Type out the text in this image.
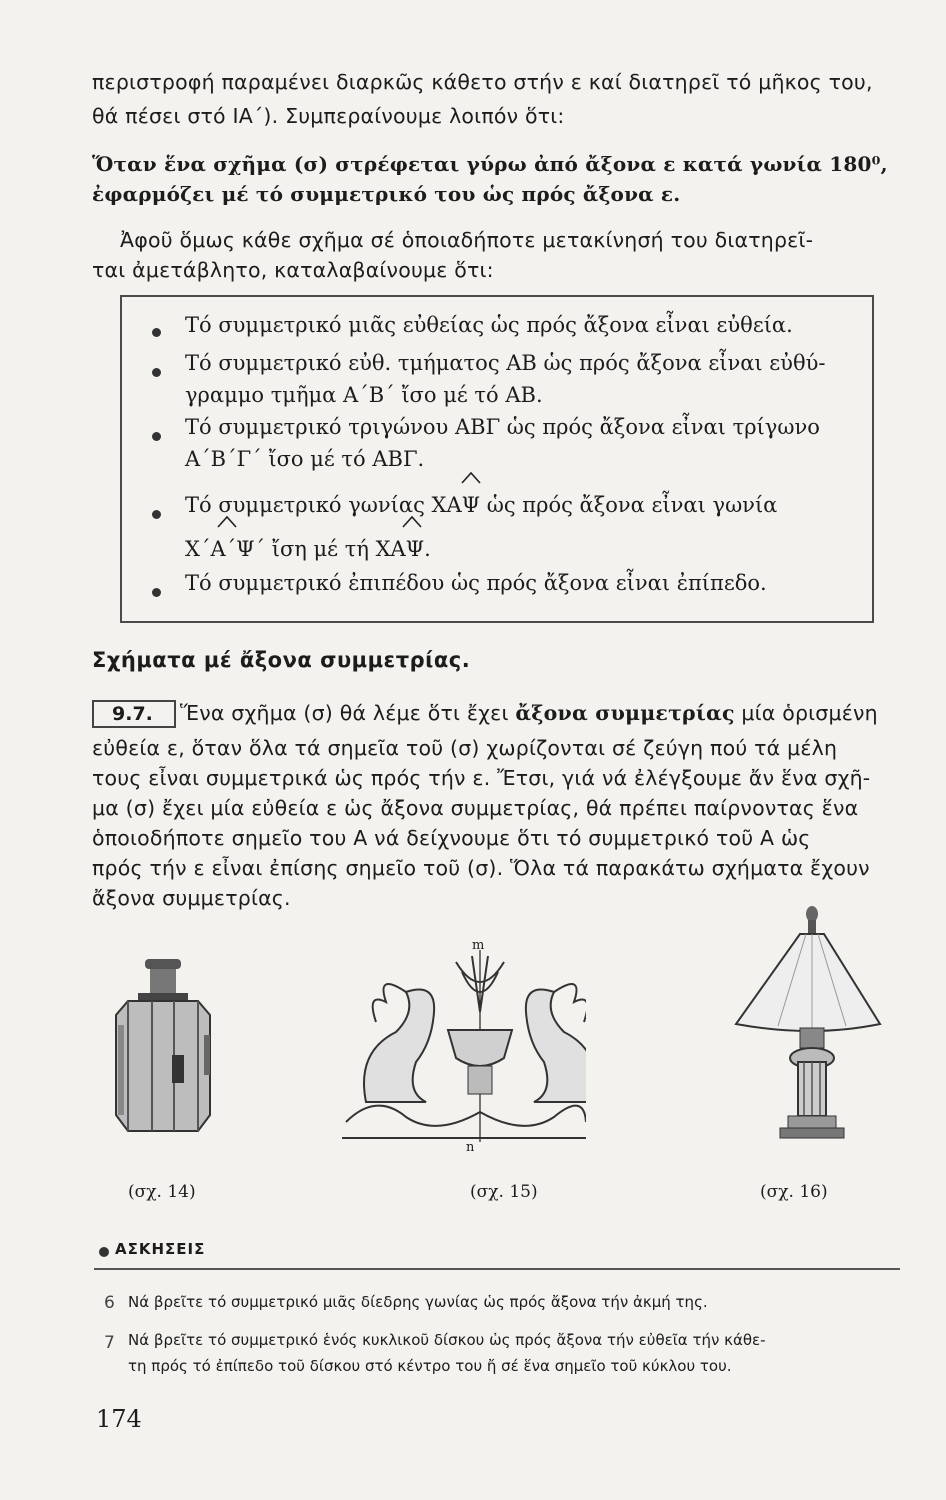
περιστροφή παραμένει διαρκῶς κάθετο στήν ε καί διατηρεῖ τό μῆκος του,
θά πέσει στό ΙΑ΄). Συμπεραίνουμε λοιπόν ὅτι:
Ὅταν ἕνα σχῆμα (σ) στρέφεται γύρω ἀπό ἄξονα ε κατά γωνία 180⁰,
ἐφαρμόζει μέ τό συμμετρικό του ὡς πρός ἄξονα ε.
Ἀφοῦ ὅμως κάθε σχῆμα σέ ὁποιαδήποτε μετακίνησή του διατηρεῖ-
ται ἀμετάβλητο, καταλαβαίνουμε ὅτι:
Τό συμμετρικό μιᾶς εὐθείας ὡς πρός ἄξονα εἶναι εὐθεία.
Τό συμμετρικό εὐθ. τμήματος ΑΒ ὡς πρός ἄξονα εἶναι εὐθύ-
γραμμο τμῆμα Α΄Β΄ ἴσο μέ τό ΑΒ.
Τό συμμετρικό τριγώνου ΑΒΓ ὡς πρός ἄξονα εἶναι τρίγωνο
Α΄Β΄Γ΄ ἴσο μέ τό ΑΒΓ.
Τό συμμετρικό γωνίας ΧΑΨ ὡς πρός ἄξονα εἶναι γωνία
Χ΄Α΄Ψ΄ ἴση μέ τή ΧΑΨ.
Τό συμμετρικό ἐπιπέδου ὡς πρός ἄξονα εἶναι ἐπίπεδο.
Σχήματα μέ ἄξονα συμμετρίας.
9.7.	Ἕνα σχῆμα (σ) θά λέμε ὅτι ἔχει ἄξονα συμμετρίας μία ὁρισμένη
εὐθεία ε, ὅταν ὅλα τά σημεῖα τοῦ (σ) χωρίζονται σέ ζεύγη πού τά μέλη
τους εἶναι συμμετρικά ὡς πρός τήν ε. Ἔτσι, γιά νά ἐλέγξουμε ἄν ἕνα σχῆ-
μα (σ) ἔχει μία εὐθεία ε ὡς ἄξονα συμμετρίας, θά πρέπει παίρνοντας ἕνα
ὁποιοδήποτε σημεῖο του Α νά δείχνουμε ὅτι τό συμμετρικό τοῦ Α ὡς
πρός τήν ε εἶναι ἐπίσης σημεῖο τοῦ (σ). Ὅλα τά παρακάτω σχήματα ἔχουν
ἄξονα συμμετρίας.
m
n
(σχ. 14)	(σχ. 15)	(σχ. 16)
ΑΣΚΗΣΕΙΣ
6 Νά βρεῖτε τό συμμετρικό μιᾶς δίεδρης γωνίας ὡς πρός ἄξονα τήν ἀκμή της.
7 Νά βρεῖτε τό συμμετρικό ἑνός κυκλικοῦ δίσκου ὡς πρός ἄξονα τήν εὐθεῖα τήν κάθε-
τη πρός τό ἐπίπεδο τοῦ δίσκου στό κέντρο του ἤ σέ ἕνα σημεῖο τοῦ κύκλου του.
174
